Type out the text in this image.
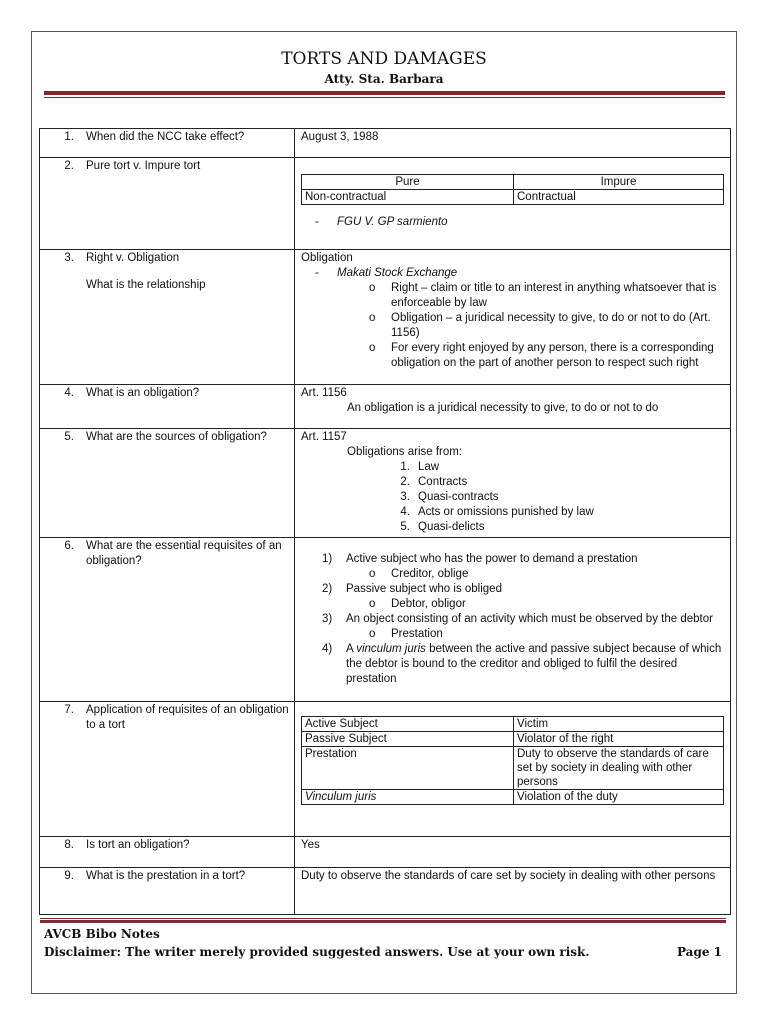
TORTS AND DAMAGES
Atty. Sta. Barbara
1.	When did the NCC take effect?	August 3, 1988

2.	Pure tort v. Impure tort

Pure	Impure
Non-contractual	Contractual
-	FGU V. GP sarmiento

3.	Right v. Obligation
What is the relationship

Obligation
-	Makati Stock Exchange
o	Right – claim or title to an interest in anything whatsoever that is enforceable by law
o	Obligation – a juridical necessity to give, to do or not to do (Art. 1156)
o	For every right enjoyed by any person, there is a corresponding obligation on the part of another person to respect such right

4.	What is an obligation?	Art. 1156
An obligation is a juridical necessity to give, to do or not to do

5.	What are the sources of obligation?	Art. 1157
Obligations arise from:
1. Law
2. Contracts
3. Quasi-contracts
4. Acts or omissions punished by law
5. Quasi-delicts

6.	What are the essential requisites of an obligation?	1)	Active subject who has the power to demand a prestation
o	Creditor, oblige
2)	Passive subject who is obliged
o	Debtor, obligor
3)	An object consisting of an activity which must be observed by the debtor
o	Prestation
4)	A vinculum juris between the active and passive subject because of which the debtor is bound to the creditor and obliged to fulfil the desired prestation

7.	Application of requisites of an obligation to a tort
		Active Subject	Victim
Passive Subject	Violator of the right
Prestation	Duty to observe the standards of care set by society in dealing with other persons
Vinculum juris	Violation of the duty

8.	Is tort an obligation?	Yes

9.	What is the prestation in a tort?	Duty to observe the standards of care set by society in dealing with other persons
AVCB Bibo Notes
Disclaimer: The writer merely provided suggested answers. Use at your own risk.	Page 1
